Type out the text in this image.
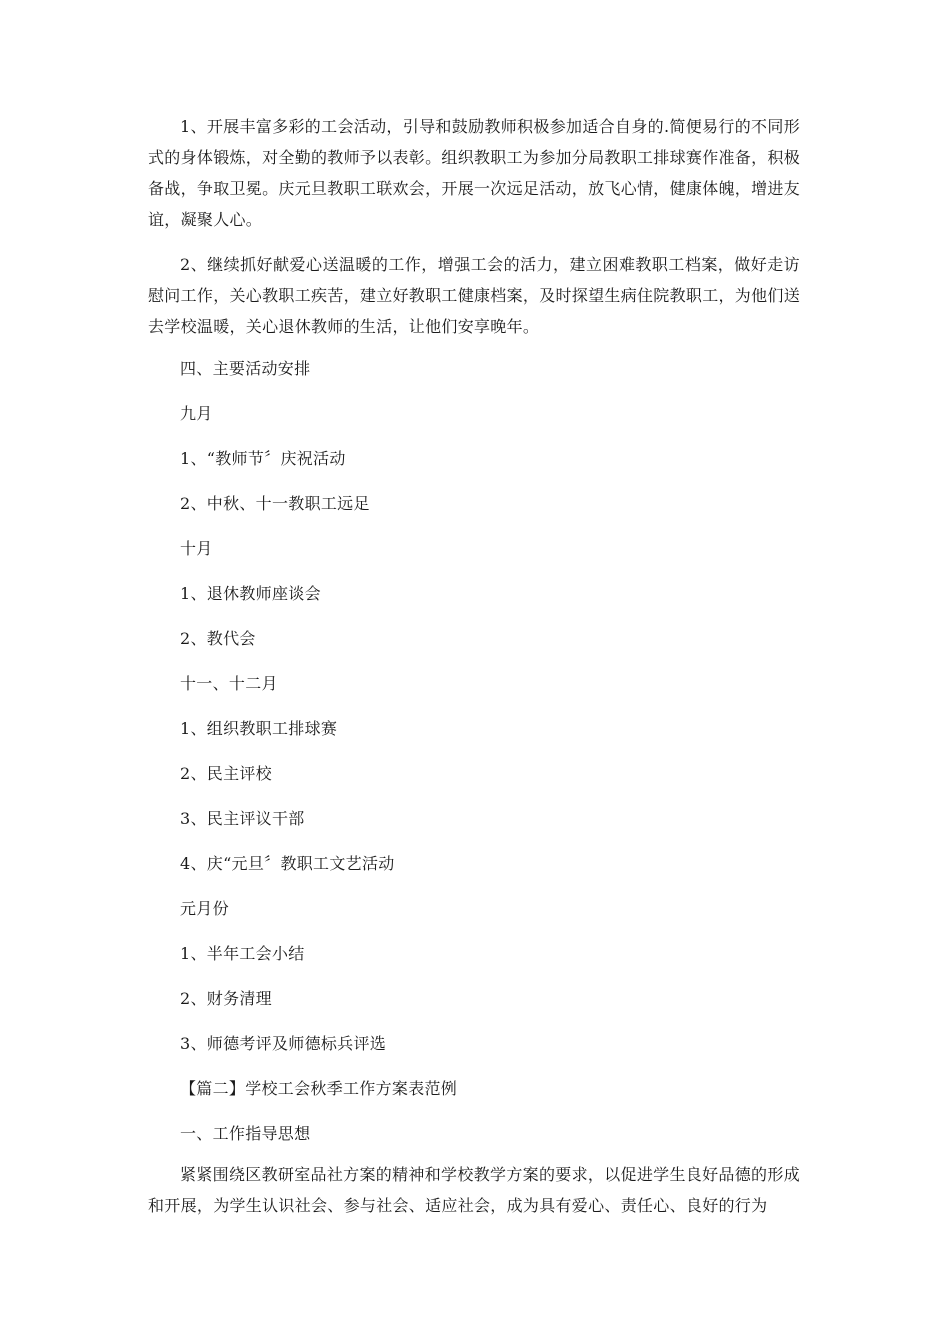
1、开展丰富多彩的工会活动，引导和鼓励教师积极参加适合自身的.简便易行的不同形式的身体锻炼，对全勤的教师予以表彰。组织教职工为参加分局教职工排球赛作准备，积极备战，争取卫冕。庆元旦教职工联欢会，开展一次远足活动，放飞心情，健康体魄，增进友谊，凝聚人心。

2、继续抓好献爱心送温暖的工作，增强工会的活力，建立困难教职工档案，做好走访慰问工作，关心教职工疾苦，建立好教职工健康档案，及时探望生病住院教职工，为他们送去学校温暖，关心退休教师的生活，让他们安享晚年。

四、主要活动安排

九月

1、“教师节〞庆祝活动

2、中秋、十一教职工远足

十月

1、退休教师座谈会

2、教代会

十一、十二月

1、组织教职工排球赛

2、民主评校

3、民主评议干部

4、庆“元旦〞教职工文艺活动

元月份

1、半年工会小结

2、财务清理

3、师德考评及师德标兵评选

【篇二】学校工会秋季工作方案表范例

一、工作指导思想

紧紧围绕区教研室品社方案的精神和学校教学方案的要求，以促进学生良好品德的形成和开展，为学生认识社会、参与社会、适应社会，成为具有爱心、责任心、良好的行为
